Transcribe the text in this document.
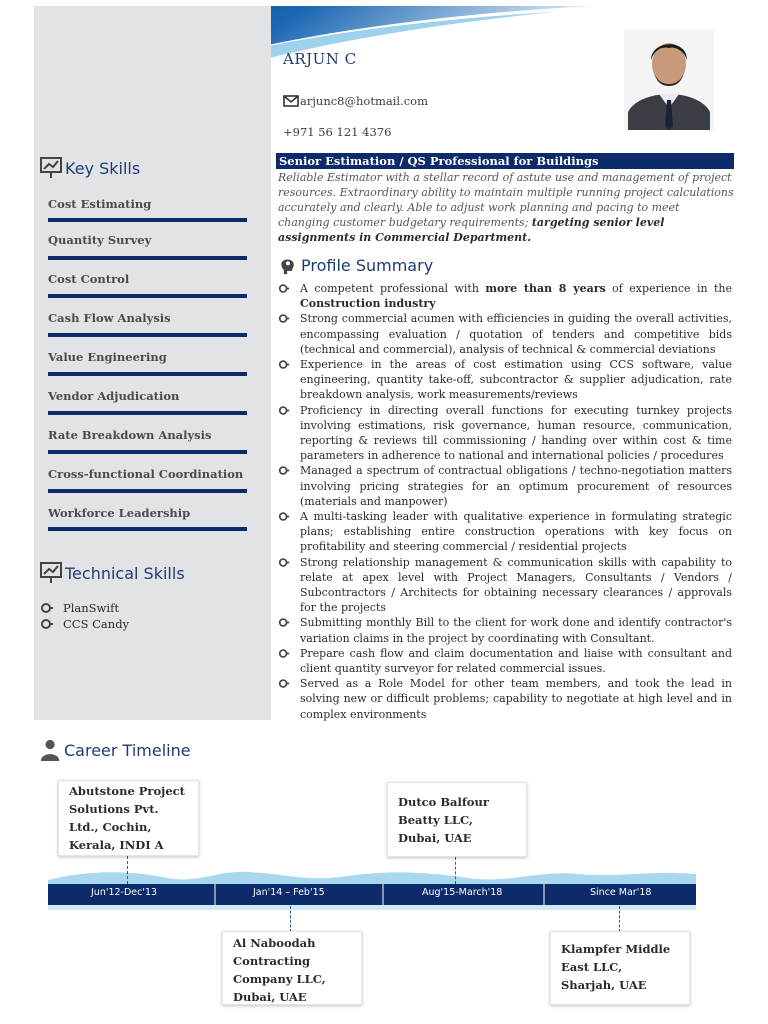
Key Skills
Cost Estimating
Quantity Survey
Cost Control
Cash Flow Analysis
Value Engineering
Vendor Adjudication
Rate Breakdown Analysis
Cross-functional Coordination
Workforce Leadership
Technical Skills
PlanSwift
CCS Candy
ARJUN C
arjunc8@hotmail.com
+971 56 121 4376
Senior Estimation / QS Professional for Buildings
Reliable Estimator with a stellar record of astute use and management of project resources. Extraordinary ability to maintain multiple running project calculations accurately and clearly. Able to adjust work planning and pacing to meet changing customer budgetary requirements; targeting senior level assignments in Commercial Department.
Profile Summary
A competent professional with more than 8 years of experience in the Construction industry
Strong commercial acumen with efficiencies in guiding the overall activities, encompassing evaluation / quotation of tenders and competitive bids (technical and commercial), analysis of technical & commercial deviations
Experience in the areas of cost estimation using CCS software, value engineering, quantity take-off, subcontractor & supplier adjudication, rate breakdown analysis, work measurements/reviews
Proficiency in directing overall functions for executing turnkey projects involving estimations, risk governance, human resource, communication, reporting & reviews till commissioning / handing over within cost & time parameters in adherence to national and international policies / procedures
Managed a spectrum of contractual obligations / techno-negotiation matters involving pricing strategies for an optimum procurement of resources (materials and manpower)
A multi-tasking leader with qualitative experience in formulating strategic plans; establishing entire construction operations with key focus on profitability and steering commercial / residential projects
Strong relationship management & communication skills with capability to relate at apex level with Project Managers, Consultants / Vendors / Subcontractors / Architects for obtaining necessary clearances / approvals for the projects
Submitting monthly Bill to the client for work done and identify contractor's variation claims in the project by coordinating with Consultant.
Prepare cash flow and claim documentation and liaise with consultant and client quantity surveyor for related commercial issues.
Served as a Role Model for other team members, and took the lead in solving new or difficult problems; capability to negotiate at high level and in complex environments
Career Timeline
Jun'12-Dec'13	Jan'14 – Feb'15	Aug'15-March'18	Since Mar'18
Abutstone Project Solutions Pvt. Ltd., Cochin, Kerala, INDI A
Dutco Balfour Beatty LLC, Dubai, UAE
Al Naboodah Contracting Company LLC, Dubai, UAE
Klampfer Middle East LLC, Sharjah, UAE
